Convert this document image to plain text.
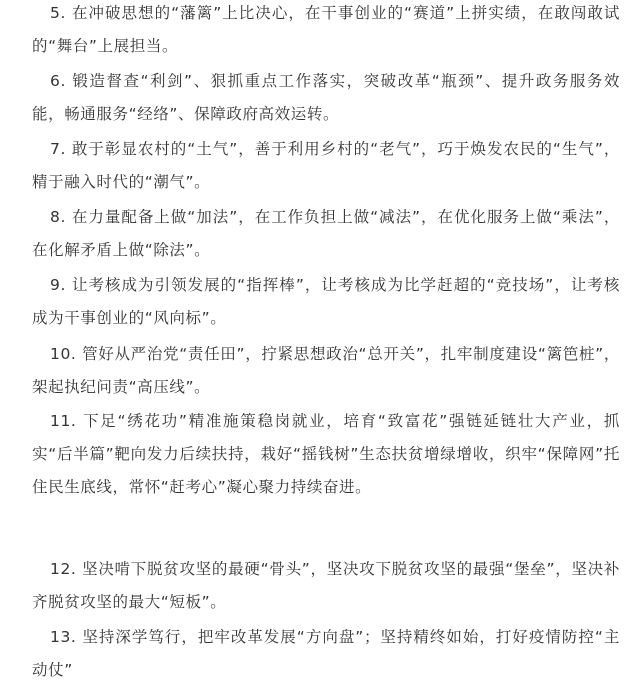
5. 在冲破思想的“藩篱”上比决心，在干事创业的“赛道”上拼实绩，在敢闯敢试的“舞台”上展担当。

6. 锻造督查“利剑”、狠抓重点工作落实，突破改革“瓶颈”、提升政务服务效能，畅通服务“经络”、保障政府高效运转。

7. 敢于彰显农村的“土气”，善于利用乡村的“老气”，巧于焕发农民的“生气”，精于融入时代的“潮气”。

8. 在力量配备上做“加法”，在工作负担上做“减法”，在优化服务上做“乘法”，在化解矛盾上做“除法”。

9. 让考核成为引领发展的“指挥棒”，让考核成为比学赶超的“竞技场”，让考核成为干事创业的“风向标”。

10. 管好从严治党“责任田”，拧紧思想政治“总开关”，扎牢制度建设“篱笆桩”，架起执纪问责“高压线”。

11. 下足“绣花功”精准施策稳岗就业，培育“致富花”强链延链壮大产业，抓实“后半篇”靶向发力后续扶持，栽好“摇钱树”生态扶贫增绿增收，织牢“保障网”托住民生底线，常怀“赶考心”凝心聚力持续奋进。

12. 坚决啃下脱贫攻坚的最硬“骨头”，坚决攻下脱贫攻坚的最强“堡垒”，坚决补齐脱贫攻坚的最大“短板”。

13. 坚持深学笃行，把牢改革发展“方向盘”；坚持精终如始，打好疫情防控“主动仗”
